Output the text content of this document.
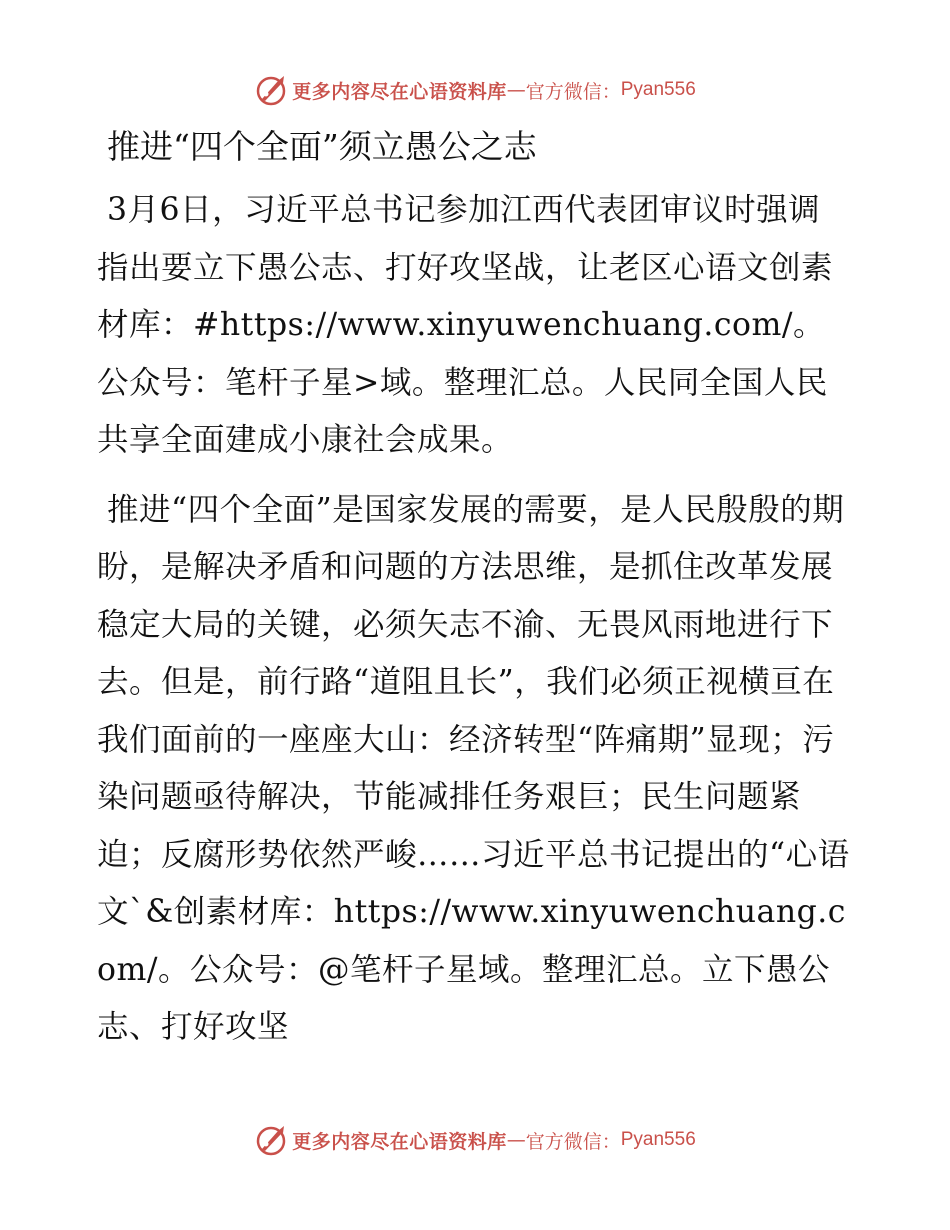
更多内容尽在心语资料库 — 官方微信： Pyan556
推进“四个全面”须立愚公之志

3月6日，习近平总书记参加江西代表团审议时强调指出要立下愚公志、打好攻坚战，让老区心语文创素材库：#https://www.xinyuwenchuang.com/。公众号：笔杆子星>域。整理汇总。人民同全国人民共享全面建成小康社会成果。

推进“四个全面”是国家发展的需要，是人民殷殷的期盼，是解决矛盾和问题的方法思维，是抓住改革发展稳定大局的关键，必须矢志不渝、无畏风雨地进行下去。但是，前行路“道阻且长”，我们必须正视横亘在我们面前的一座座大山：经济转型“阵痛期”显现；污染问题亟待解决，节能减排任务艰巨；民生问题紧迫；反腐形势依然严峻……习近平总书记提出的“心语文`&创素材库：https://www.xinyuwenchuang.com/。公众号：@笔杆子星域。整理汇总。立下愚公志、打好攻坚

更多内容尽在心语资料库 — 官方微信： Pyan556
